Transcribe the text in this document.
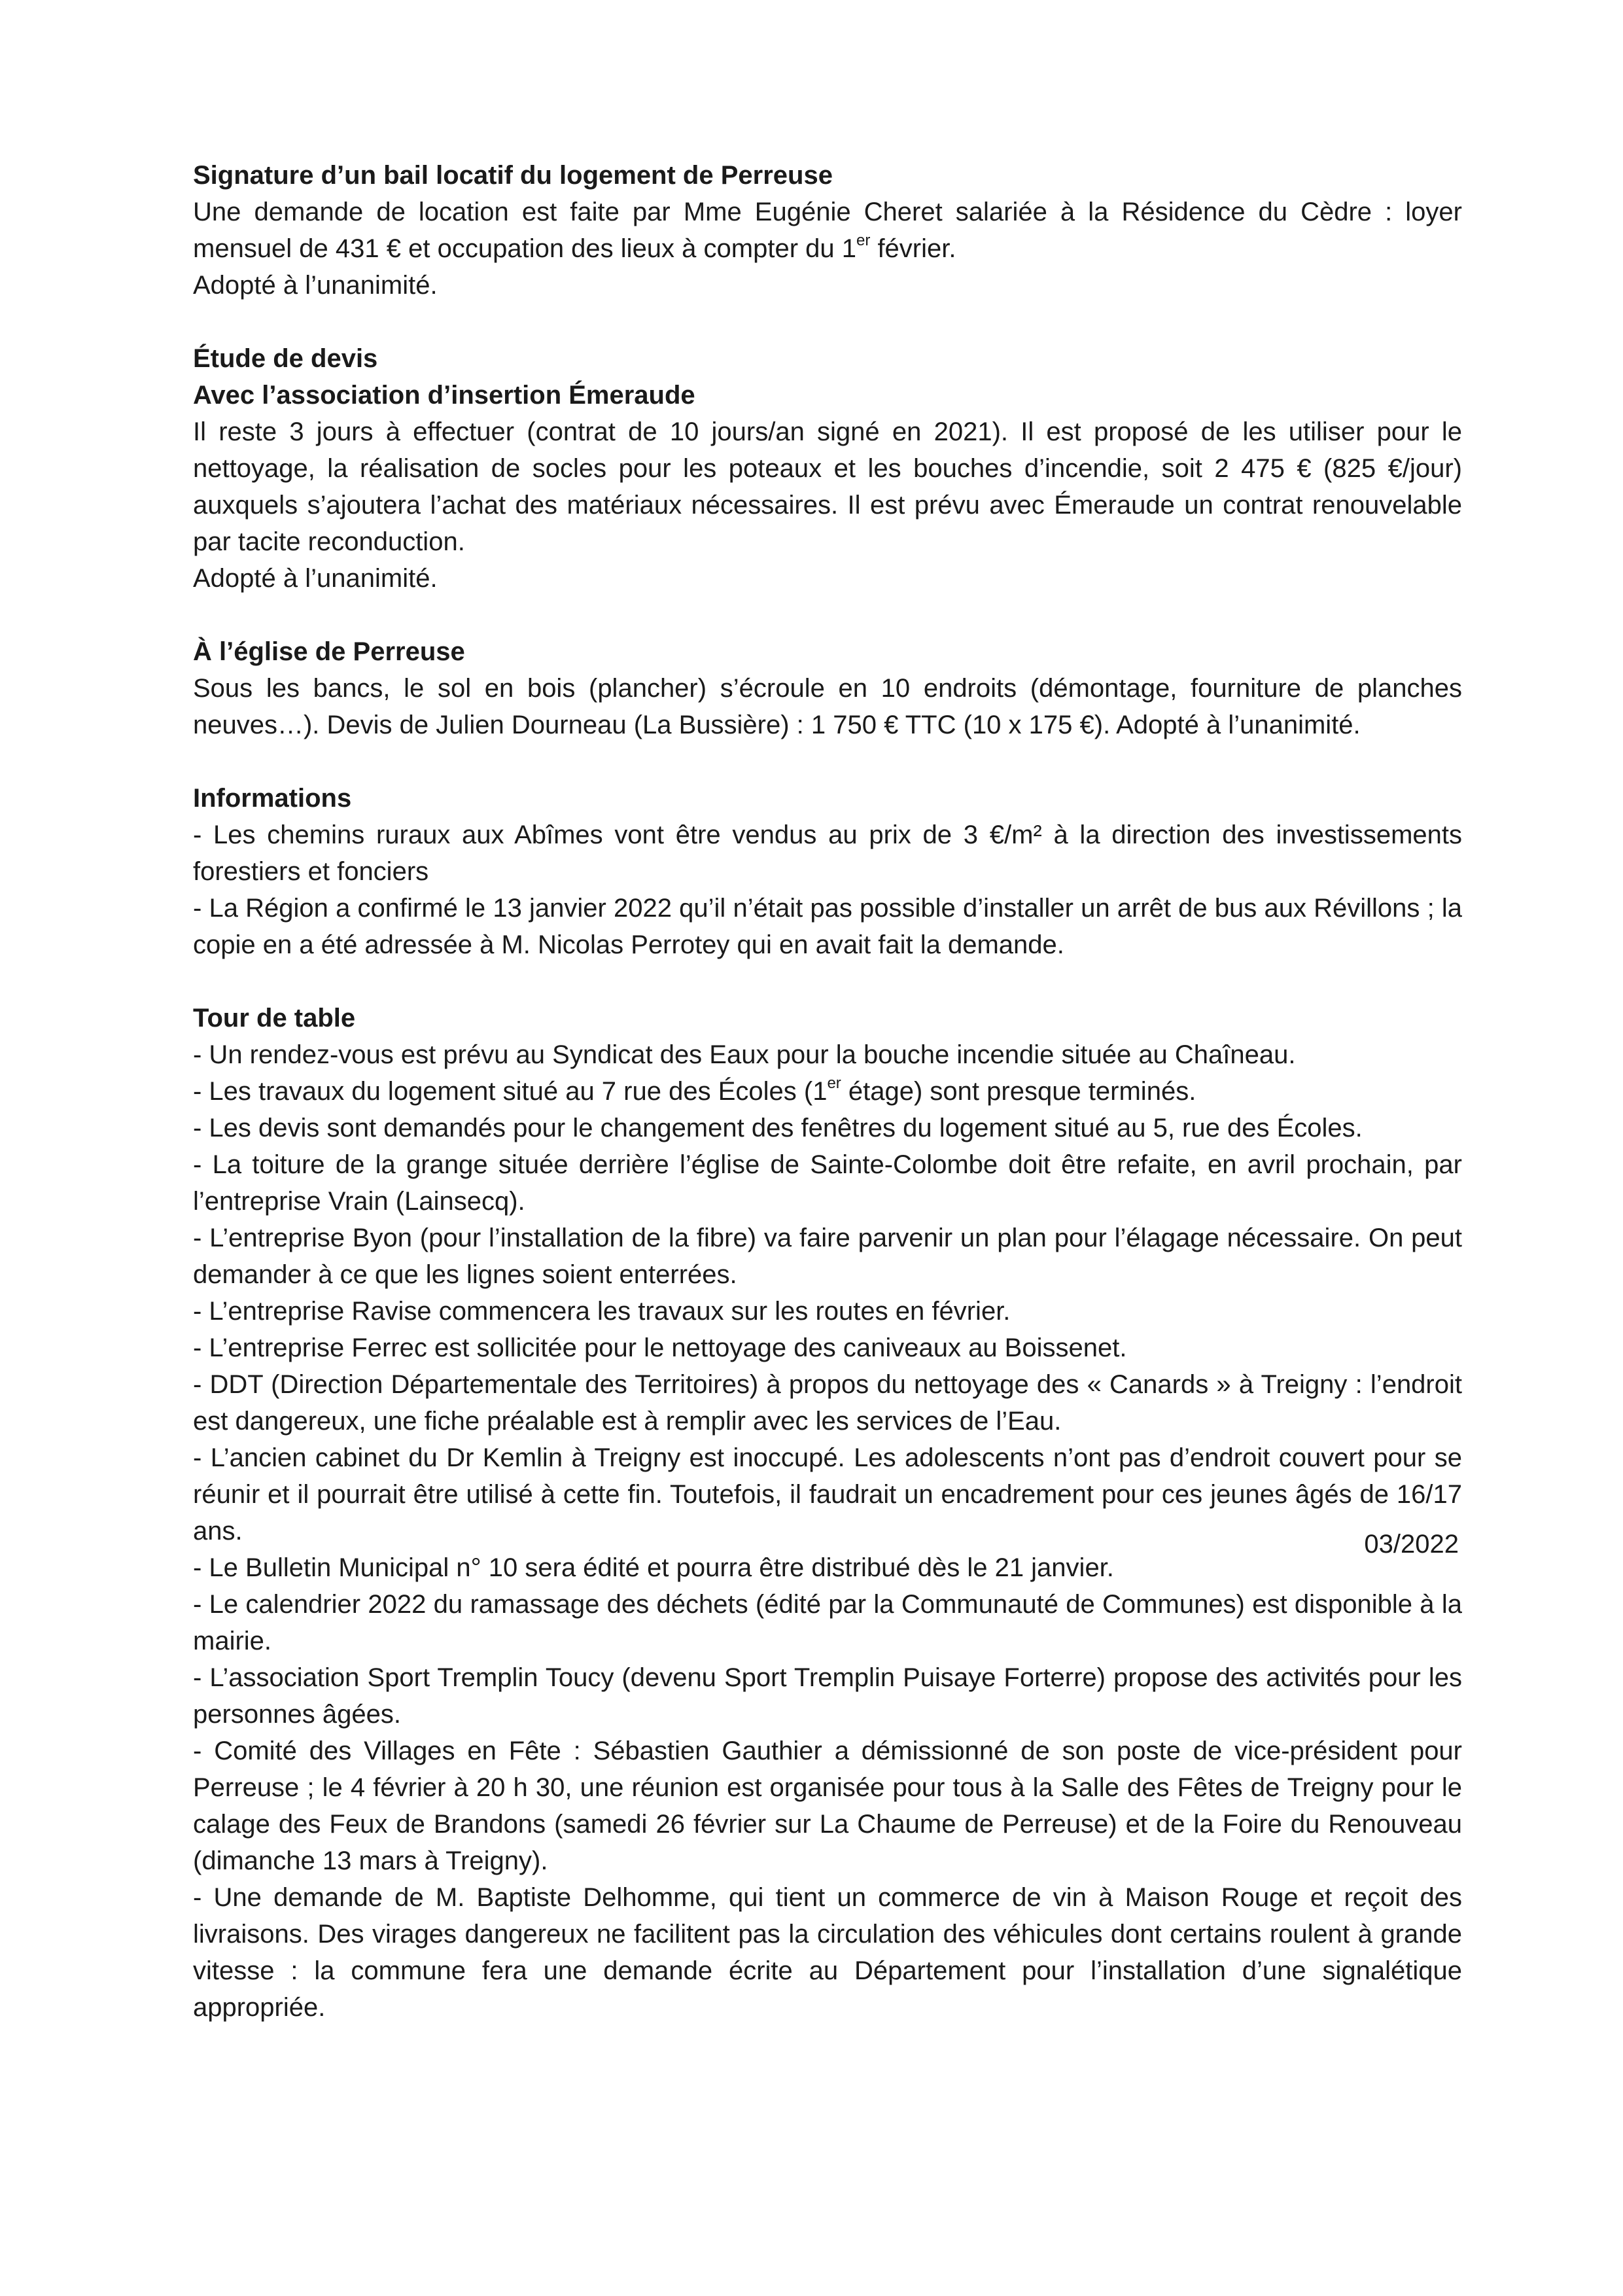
Signature d’un bail locatif du logement de Perreuse

Une demande de location est faite par Mme Eugénie Cheret salariée à la Résidence du Cèdre : loyer mensuel de 431 € et occupation des lieux à compter du 1er février.

Adopté à l’unanimité.

Étude de devis
Avec l’association d’insertion Émeraude

Il reste 3 jours à effectuer (contrat de 10 jours/an signé en 2021). Il est proposé de les utiliser pour le nettoyage, la réalisation de socles pour les poteaux et les bouches d’incendie, soit 2 475 € (825 €/jour) auxquels s’ajoutera l’achat des matériaux nécessaires. Il est prévu avec Émeraude un contrat renouvelable par tacite reconduction.

Adopté à l’unanimité.

À l’église de Perreuse

Sous les bancs, le sol en bois (plancher) s’écroule en 10 endroits (démontage, fourniture de planches neuves…). Devis de Julien Dourneau (La Bussière) : 1 750 € TTC (10 x 175 €). Adopté à l’unanimité.

Informations
- Les chemins ruraux aux Abîmes vont être vendus au prix de 3 €/m² à la direction des investissements forestiers et fonciers
- La Région a confirmé le 13 janvier 2022 qu’il n’était pas possible d’installer un arrêt de bus aux Révillons ; la copie en a été adressée à M. Nicolas Perrotey qui en avait fait la demande.
Tour de table
- Un rendez-vous est prévu au Syndicat des Eaux pour la bouche incendie située au Chaîneau.
- Les travaux du logement situé au 7 rue des Écoles (1er étage) sont presque terminés.
- Les devis sont demandés pour le changement des fenêtres du logement situé au 5, rue des Écoles.
- La toiture de la grange située derrière l’église de Sainte-Colombe doit être refaite, en avril prochain, par l’entreprise Vrain (Lainsecq).
- L’entreprise Byon (pour l’installation de la fibre) va faire parvenir un plan pour l’élagage nécessaire. On peut demander à ce que les lignes soient enterrées.
- L’entreprise Ravise commencera les travaux sur les routes en février.
- L’entreprise Ferrec est sollicitée pour le nettoyage des caniveaux au Boissenet.
- DDT (Direction Départementale des Territoires) à propos du nettoyage des « Canards » à Treigny : l’endroit est dangereux, une fiche préalable est à remplir avec les services de l’Eau.
- L’ancien cabinet du Dr Kemlin à Treigny est inoccupé. Les adolescents n’ont pas d’endroit couvert pour se réunir et il pourrait être utilisé à cette fin. Toutefois, il faudrait un encadrement pour ces jeunes âgés de 16/17 ans.
- Le Bulletin Municipal n° 10 sera édité et pourra être distribué dès le 21 janvier.
- Le calendrier 2022 du ramassage des déchets (édité par la Communauté de Communes) est disponible à la mairie.
- L’association Sport Tremplin Toucy (devenu Sport Tremplin Puisaye Forterre) propose des activités pour les personnes âgées.
- Comité des Villages en Fête : Sébastien Gauthier a démissionné de son poste de vice-président pour Perreuse ; le 4 février à 20 h 30, une réunion est organisée pour tous à la Salle des Fêtes de Treigny pour le calage des Feux de Brandons (samedi 26 février sur La Chaume de Perreuse) et de la Foire du Renouveau (dimanche 13 mars à Treigny).
- Une demande de M. Baptiste Delhomme, qui tient un commerce de vin à Maison Rouge et reçoit des livraisons. Des virages dangereux ne facilitent pas la circulation des véhicules dont certains roulent à grande vitesse : la commune fera une demande écrite au Département pour l’installation d’une signalétique appropriée.
03/2022
